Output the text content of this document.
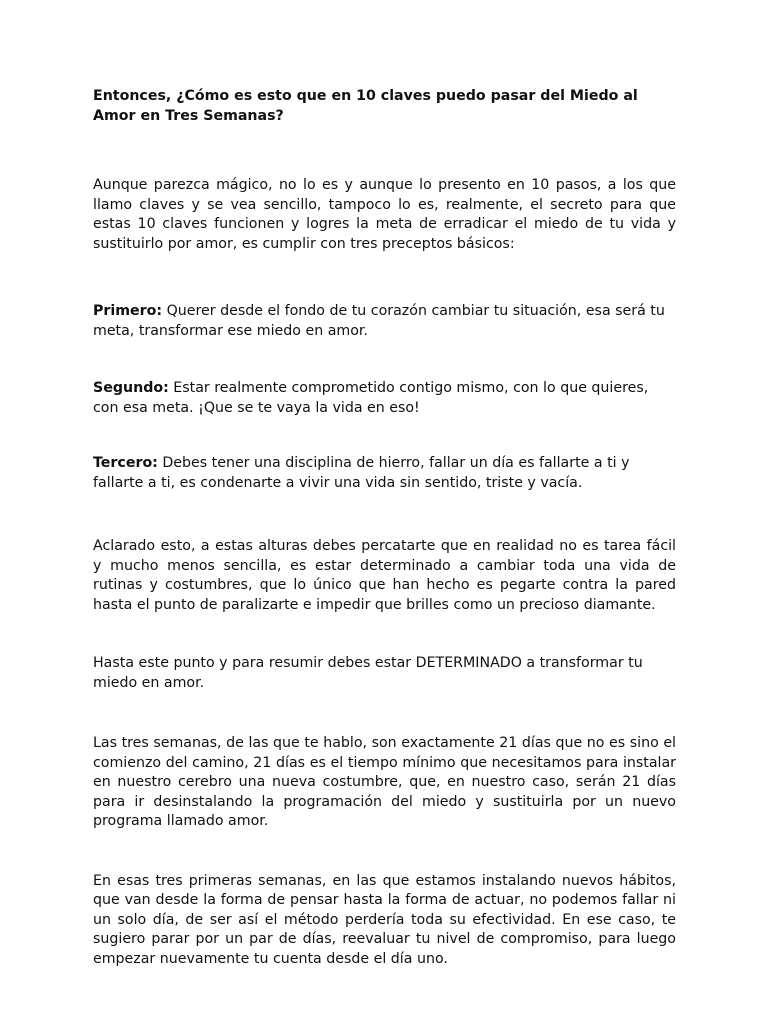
Entonces, ¿Cómo es esto que en 10 claves puedo pasar del Miedo al Amor en Tres Semanas?

Aunque parezca mágico, no lo es y aunque lo presento en 10 pasos, a los que llamo claves y se vea sencillo, tampoco lo es, realmente, el secreto para que estas 10 claves funcionen y logres la meta de erradicar el miedo de tu vida y sustituirlo por amor, es cumplir con tres preceptos básicos:

Primero: Querer desde el fondo de tu corazón cambiar tu situación, esa será tu meta, transformar ese miedo en amor.

Segundo: Estar realmente comprometido contigo mismo, con lo que quieres, con esa meta. ¡Que se te vaya la vida en eso!

Tercero: Debes tener una disciplina de hierro, fallar un día es fallarte a ti y fallarte a ti, es condenarte a vivir una vida sin sentido, triste y vacía.

Aclarado esto, a estas alturas debes percatarte que en realidad no es tarea fácil y mucho menos sencilla, es estar determinado a cambiar toda una vida de rutinas y costumbres, que lo único que han hecho es pegarte contra la pared hasta el punto de paralizarte e impedir que brilles como un precioso diamante.

Hasta este punto y para resumir debes estar DETERMINADO a transformar tu miedo en amor.

Las tres semanas, de las que te hablo, son exactamente 21 días que no es sino el comienzo del camino, 21 días es el tiempo mínimo que necesitamos para instalar en nuestro cerebro una nueva costumbre, que, en nuestro caso, serán 21 días para ir desinstalando la programación del miedo y sustituirla por un nuevo programa llamado amor.

En esas tres primeras semanas, en las que estamos instalando nuevos hábitos, que van desde la forma de pensar hasta la forma de actuar, no podemos fallar ni un solo día, de ser así el método perdería toda su efectividad. En ese caso, te sugiero parar por un par de días, reevaluar tu nivel de compromiso, para luego empezar nuevamente tu cuenta desde el día uno.
